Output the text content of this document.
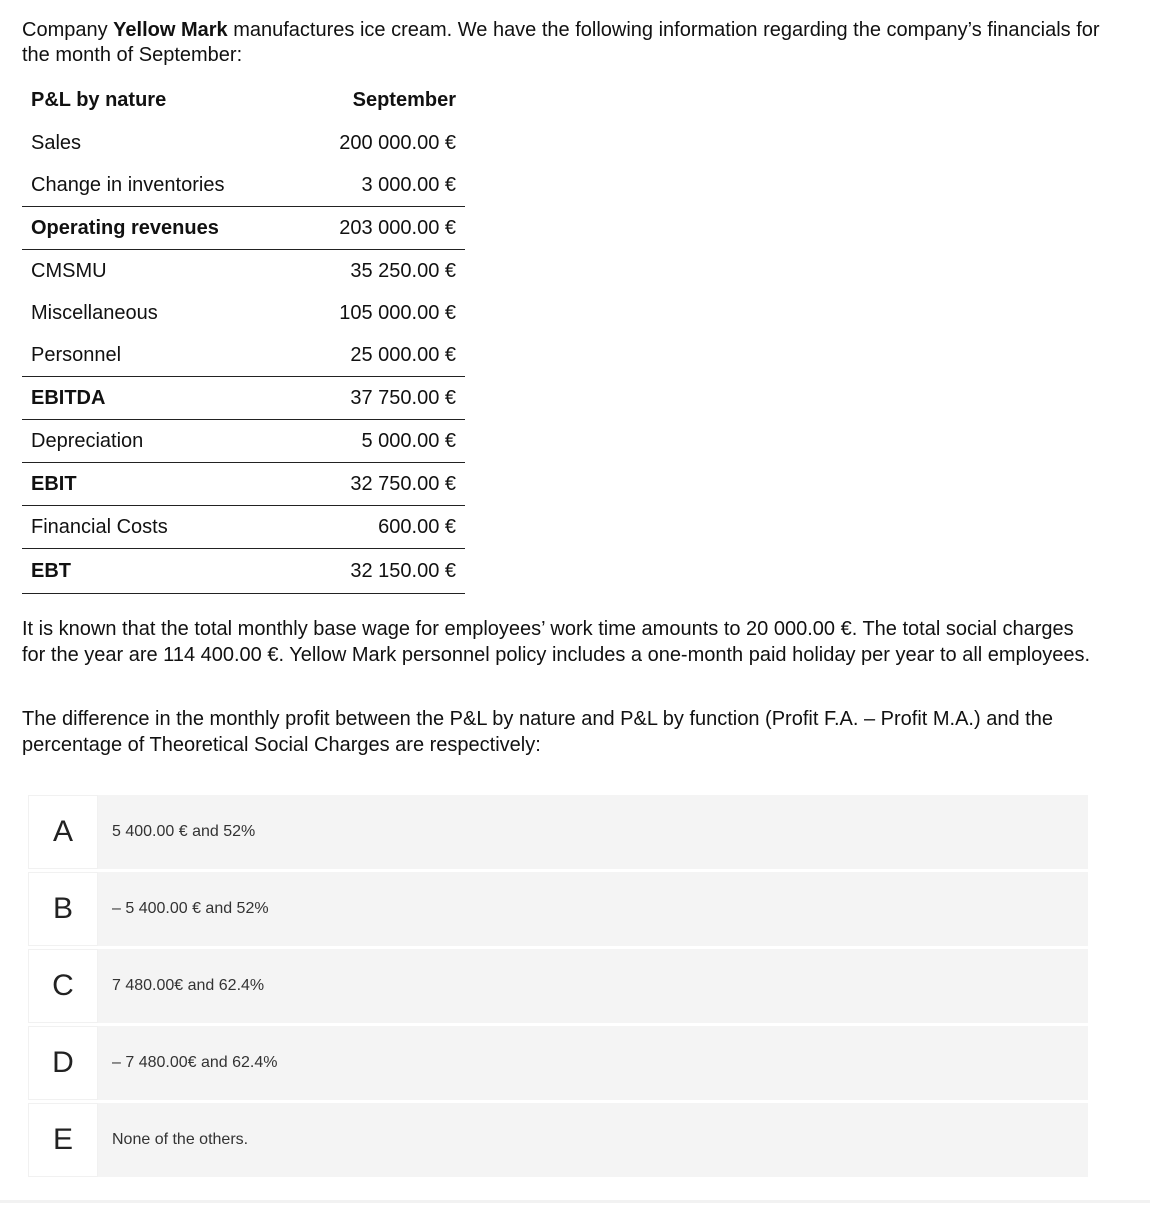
Company Yellow Mark manufactures ice cream. We have the following information regarding the company’s financials for the month of September:
P&L by nature	September
Sales	200 000.00 €
Change in inventories	3 000.00 €
Operating revenues	203 000.00 €
CMSMU	35 250.00 €
Miscellaneous	105 000.00 €
Personnel	25 000.00 €
EBITDA	37 750.00 €
Depreciation	5 000.00 €
EBIT	32 750.00 €
Financial Costs	600.00 €
EBT	32 150.00 €
It is known that the total monthly base wage for employees’ work time amounts to 20 000.00 €. The total social charges for the year are 114 400.00 €. Yellow Mark personnel policy includes a one-month paid holiday per year to all employees.
The difference in the monthly profit between the P&L by nature and P&L by function (Profit F.A. – Profit M.A.) and the percentage of Theoretical Social Charges are respectively:
A	5 400.00 € and 52%
B	– 5 400.00 € and 52%
C	7 480.00€ and 62.4%
D	– 7 480.00€ and 62.4%
E	None of the others.
